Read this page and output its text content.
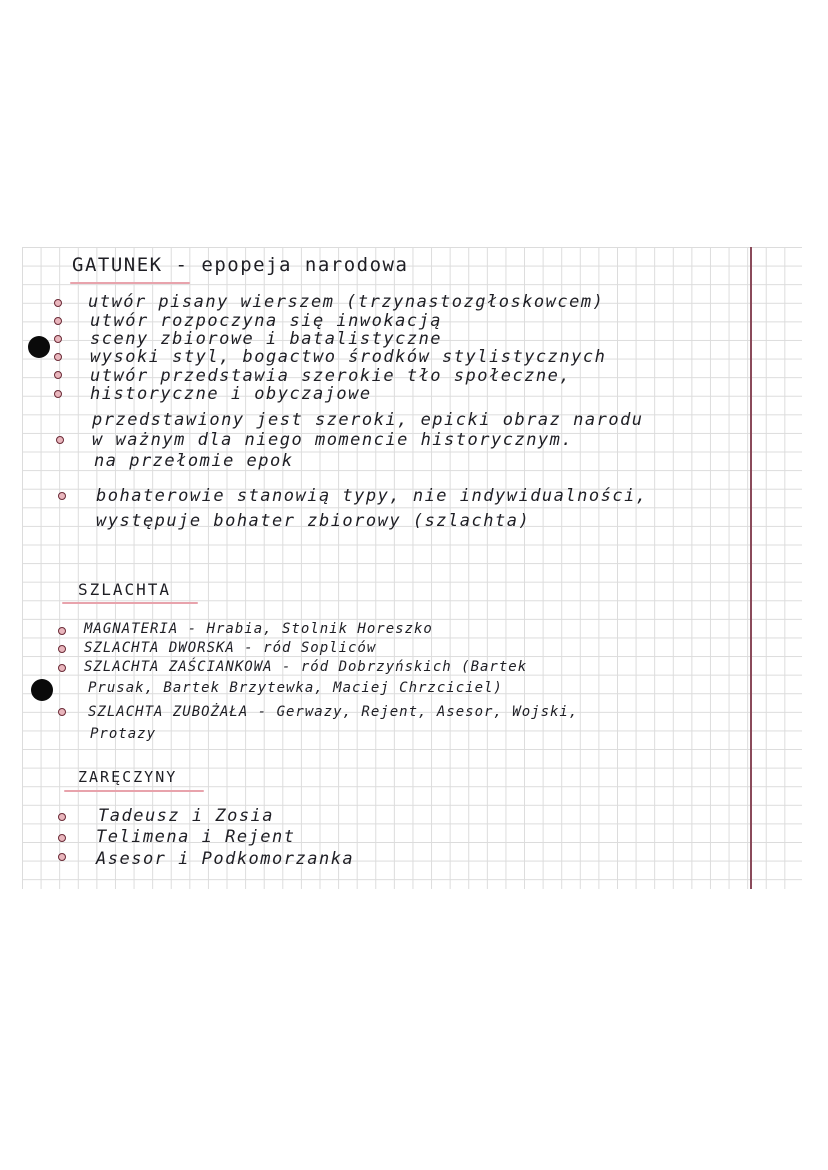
GATUNEK - epopeja narodowa
utwór pisany wierszem (trzynastozgłoskowcem)
utwór rozpoczyna się inwokacją
sceny zbiorowe i batalistyczne
wysoki styl, bogactwo środków stylistycznych
utwór przedstawia szerokie tło społeczne,
historyczne i obyczajowe
przedstawiony jest szeroki, epicki obraz narodu
w ważnym dla niego momencie historycznym.
na przełomie epok
bohaterowie stanowią typy, nie indywidualności,
występuje bohater zbiorowy (szlachta)
SZLACHTA
MAGNATERIA - Hrabia, Stolnik Horeszko
SZLACHTA DWORSKA - ród Sopliców
SZLACHTA ZAŚCIANKOWA - ród Dobrzyńskich (Bartek
Prusak, Bartek Brzytewka, Maciej Chrzciciel)
SZLACHTA ZUBOŻAŁA - Gerwazy, Rejent, Asesor, Wojski,
Protazy
ZARĘCZYNY
Tadeusz i Zosia
Telimena i Rejent
Asesor i Podkomorzanka
